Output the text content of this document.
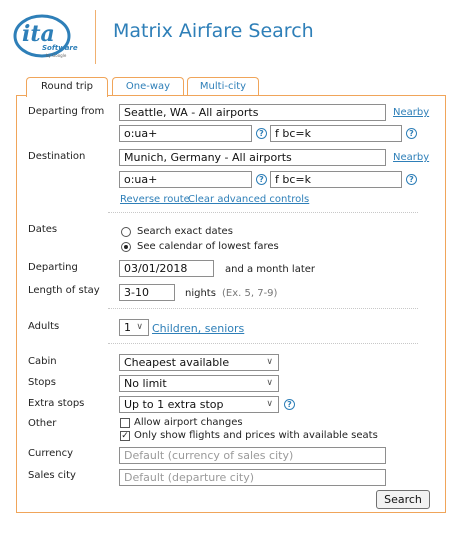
ita
Software
by Google
Matrix Airfare Search
Round trip	One-way	Multi-city
Departing from	Seattle, WA - All airports	Nearby
o:ua+	?	f bc=k	?
Destination	Munich, Germany - All airports	Nearby
o:ua+	?	f bc=k	?
Reverse route
Clear advanced controls
Dates	Search exact dates
See calendar of lowest fares
Departing	03/01/2018	and a month later
Length of stay	3-10	nights (Ex. 5, 7-9)
Adults	1 ∨ Children, seniors
Cabin	Cheapest available	∨
Stops	No limit	∨
Extra stops	Up to 1 extra stop	∨	?
Other	Allow airport changes
✓ Only show flights and prices with available seats
Currency	Default (currency of sales city)
Sales city	Default (departure city)
Search
